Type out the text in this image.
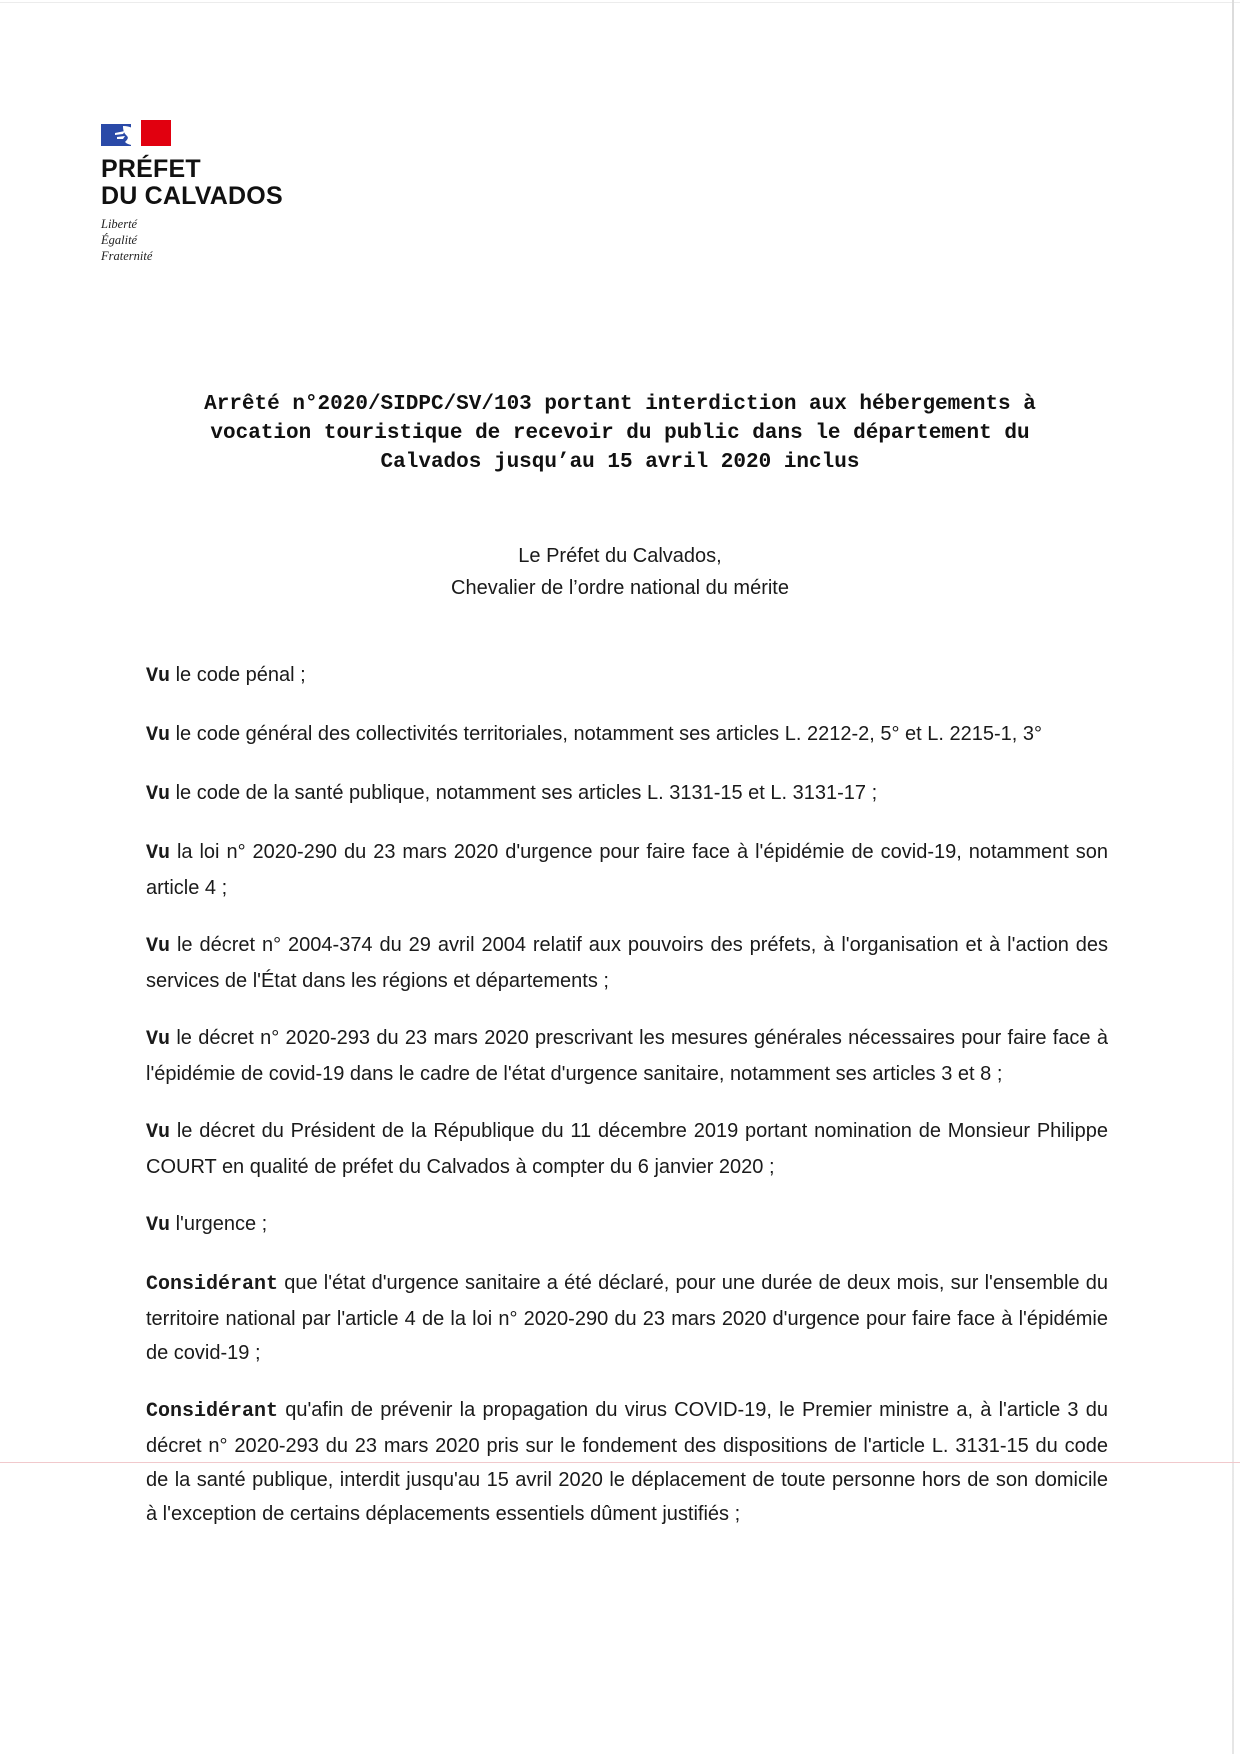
PRÉFET
DU CALVADOS
Liberté
Égalité
Fraternité
Arrêté n°2020/SIDPC/SV/103 portant interdiction aux hébergements à
vocation touristique de recevoir du public dans le département du
Calvados jusqu’au 15 avril 2020 inclus
Le Préfet du Calvados,
Chevalier de l’ordre national du mérite

Vu le code pénal ;

Vu le code général des collectivités territoriales, notamment ses articles L. 2212-2, 5° et L. 2215-1, 3°

Vu le code de la santé publique, notamment ses articles L. 3131-15 et L. 3131-17 ;

Vu la loi n° 2020-290 du 23 mars 2020 d'urgence pour faire face à l'épidémie de covid-19, notamment son article 4 ;

Vu le décret n° 2004-374 du 29 avril 2004 relatif aux pouvoirs des préfets, à l'organisation et à l'action des services de l'État dans les régions et départements ;

Vu le décret n° 2020-293 du 23 mars 2020 prescrivant les mesures générales nécessaires pour faire face à l'épidémie de covid-19 dans le cadre de l'état d'urgence sanitaire, notamment ses articles 3 et 8 ;

Vu le décret du Président de la République du 11 décembre 2019 portant nomination de Monsieur Philippe COURT en qualité de préfet du Calvados à compter du 6 janvier 2020 ;

Vu l'urgence ;

Considérant que l'état d'urgence sanitaire a été déclaré, pour une durée de deux mois, sur l'ensemble du territoire national par l'article 4 de la loi n° 2020-290 du 23 mars 2020 d'urgence pour faire face à l'épidémie de covid-19 ;

Considérant qu'afin de prévenir la propagation du virus COVID-19, le Premier ministre a, à l'article 3 du décret n° 2020-293 du 23 mars 2020 pris sur le fondement des dispositions de l'article L. 3131-15 du code de la santé publique, interdit jusqu'au 15 avril 2020 le déplacement de toute personne hors de son domicile à l'exception de certains déplacements essentiels dûment justifiés ;
